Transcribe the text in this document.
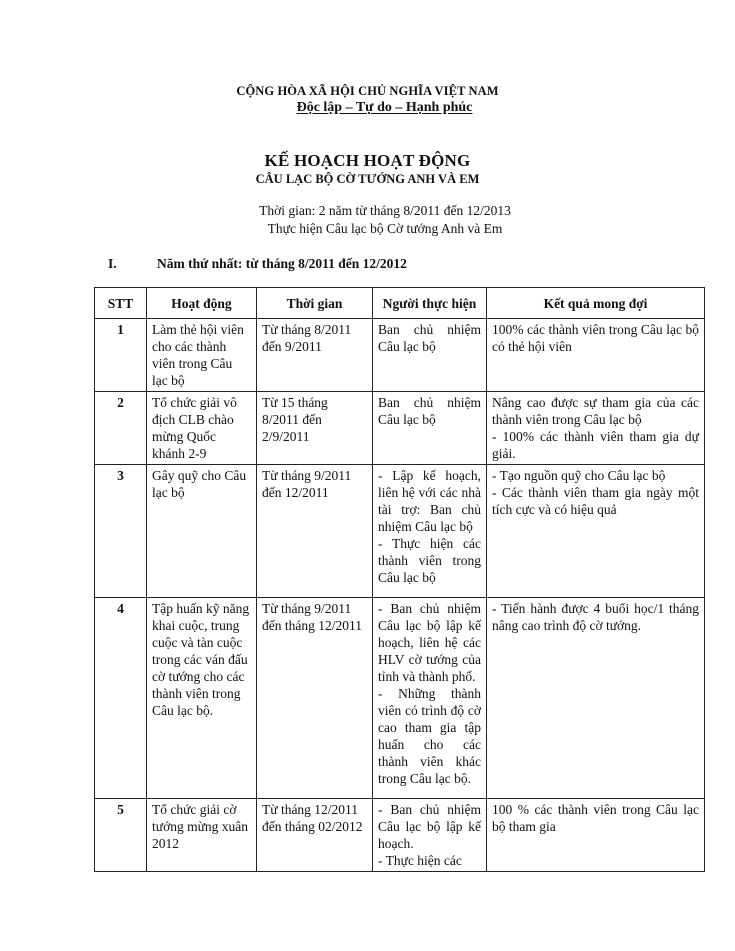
CỘNG HÒA XÃ HỘI CHỦ NGHĨA VIỆT NAM
Độc lập – Tự do – Hạnh phúc
KẾ HOẠCH HOẠT ĐỘNG
CÂU LẠC BỘ CỜ TƯỚNG ANH VÀ EM
Thời gian: 2 năm từ tháng 8/2011 đến 12/2013
Thực hiện Câu lạc bộ Cờ tướng Anh và Em
I.	Năm thứ nhất: từ tháng 8/2011 đến 12/2012
STT	Hoạt động	Thời gian	Người thực hiện	Kết quả mong đợi
1	Làm thẻ hội viên cho các thành viên trong Câu lạc bộ	Từ tháng 8/2011 đến 9/2011	Ban chủ nhiệm Câu lạc bộ	100% các thành viên trong Câu lạc bộ có thẻ hội viên

2	Tổ chức giải vô địch CLB chào mừng Quốc khánh 2-9	Từ 15 tháng 8/2011 đến 2/9/2011	Ban chủ nhiệm Câu lạc bộ	Nâng cao được sự tham gia của các thành viên trong Câu lạc bộ
- 100% các thành viên tham gia dự giải.

3	Gây quỹ cho Câu lạc bộ	Từ tháng 9/2011 đến 12/2011	- Lập kế hoạch, liên hệ với các nhà tài trợ: Ban chủ nhiệm Câu lạc bộ
- Thực hiện các thành viên trong Câu lạc bộ	- Tạo nguồn quỹ cho Câu lạc bộ
- Các thành viên tham gia ngày một tích cực và có hiệu quả

4	Tập huấn kỹ năng khai cuộc, trung cuộc và tàn cuộc trong các ván đấu cờ tướng cho các thành viên trong Câu lạc bộ.	Từ tháng 9/2011 đến tháng 12/2011	- Ban chủ nhiệm Câu lạc bộ lập kế hoạch, liên hệ các HLV cờ tướng của tỉnh và thành phố.
- Những thành viên có trình độ cờ cao tham gia tập huấn cho các thành viên khác trong Câu lạc bộ.	- Tiến hành được 4 buổi học/1 tháng nâng cao trình độ cờ tướng.

5	Tổ chức giải cờ tướng mừng xuân 2012	Từ tháng 12/2011 đến tháng 02/2012	- Ban chủ nhiệm Câu lạc bộ lập kế hoạch.
- Thực hiện các	100 % các thành viên trong Câu lạc bộ tham gia
